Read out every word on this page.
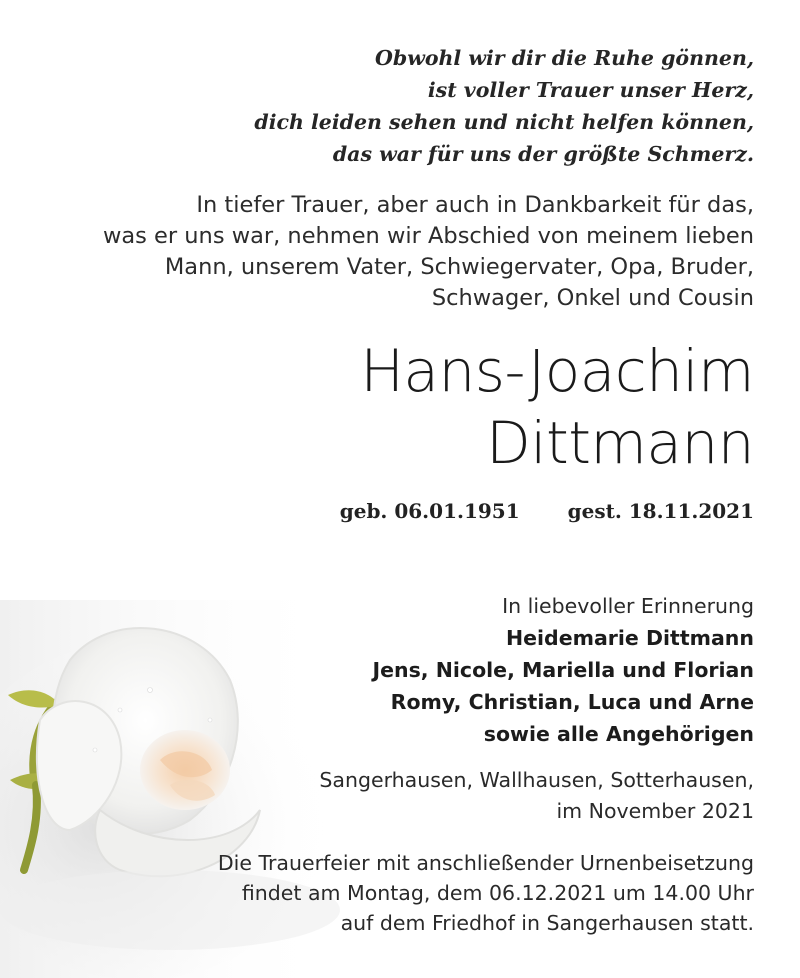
Obwohl wir dir die Ruhe gönnen,
ist voller Trauer unser Herz,
dich leiden sehen und nicht helfen können,
das war für uns der größte Schmerz.
In tiefer Trauer, aber auch in Dankbarkeit für das,
was er uns war, nehmen wir Abschied von meinem lieben
Mann, unserem Vater, Schwiegervater, Opa, Bruder,
Schwager, Onkel und Cousin
Hans-Joachim
Dittmann
geb. 06.01.1951 gest. 18.11.2021
In liebevoller Erinnerung
Heidemarie Dittmann
Jens, Nicole, Mariella und Florian
Romy, Christian, Luca und Arne
sowie alle Angehörigen
Sangerhausen, Wallhausen, Sotterhausen,
im November 2021
Die Trauerfeier mit anschließender Urnenbeisetzung
findet am Montag, dem 06.12.2021 um 14.00 Uhr
auf dem Friedhof in Sangerhausen statt.
